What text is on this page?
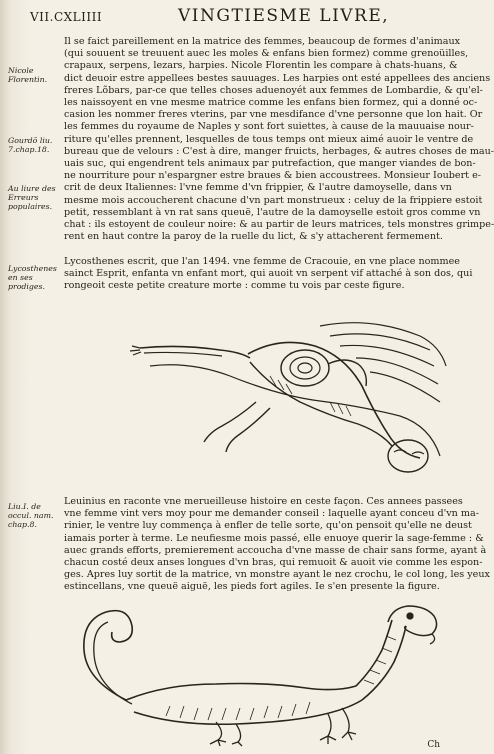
VII.CXLIIII	VINGTIESME LIVRE,
Nicole Florentin.
Gourdõ liu. 7.chap.18.
Au liure des Erreurs populaires.
Lycosthenes en ses prodiges.
Liu.I. de occul. nam. chap.8.

Il se faict pareillement en la matrice des femmes, beaucoup de formes d'animaux

(qui souuent se treuuent auec les moles & enfans bien formez) comme grenoüilles,

crapaux, serpens, lezars, harpies. Nicole Florentin les compare à chats-huans, &

dict deuoir estre appellees bestes sauuages. Les harpies ont esté appellees des anciens

freres Lõbars, par-ce que telles choses aduenoyét aux femmes de Lombardie, & qu'el-

les naissoyent en vne mesme matrice comme les enfans bien formez, qui a donné oc-

casion les nommer freres vterins, par vne mesdifance d'vne personne que lon hait. Or

les femmes du royaume de Naples y sont fort suiettes, à cause de la mauuaise nour-

riture qu'elles prennent, lesquelles de tous temps ont mieux aimé auoir le ventre de

bureau que de velours : C'est à dire, manger fruicts, herbages, & autres choses de mau-

uais suc, qui engendrent tels animaux par putrefaction, que manger viandes de bon-

ne nourriture pour n'espargner estre braues & bien accoustrees. Monsieur Ioubert e-

crit de deux Italiennes: l'vne femme d'vn frippier, & l'autre damoyselle, dans vn

mesme mois accoucherent chacune d'vn part monstrueux : celuy de la frippiere estoit

petit, ressemblant à vn rat sans queuë, l'autre de la damoyselle estoit gros comme vn

chat : ils estoyent de couleur noire: & au partir de leurs matrices, tels monstres grimpe-

rent en haut contre la paroy de la ruelle du lict, & s'y attacherent fermement.

Lycosthenes escrit, que l'an 1494. vne femme de Cracouie, en vne place nommee

sainct Esprit, enfanta vn enfant mort, qui auoit vn serpent vif attaché à son dos, qui

rongeoit ceste petite creature morte : comme tu vois par ceste figure.

Leuinius en raconte vne merueilleuse histoire en ceste façon. Ces annees passees

vne femme vint vers moy pour me demander conseil : laquelle ayant conceu d'vn ma-

rinier, le ventre luy commença à enfler de telle sorte, qu'on pensoit qu'elle ne deust

iamais porter à terme. Le neufiesme mois passé, elle enuoye querir la sage-femme : &

auec grands efforts, premierement accoucha d'vne masse de chair sans forme, ayant à

chacun costé deux anses longues d'vn bras, qui remuoit & auoit vie comme les espon-

ges. Apres luy sortit de la matrice, vn monstre ayant le nez crochu, le col long, les yeux

estincellans, vne queuë aiguë, les pieds fort agiles. Ie s'en presente la figure.

Ch
